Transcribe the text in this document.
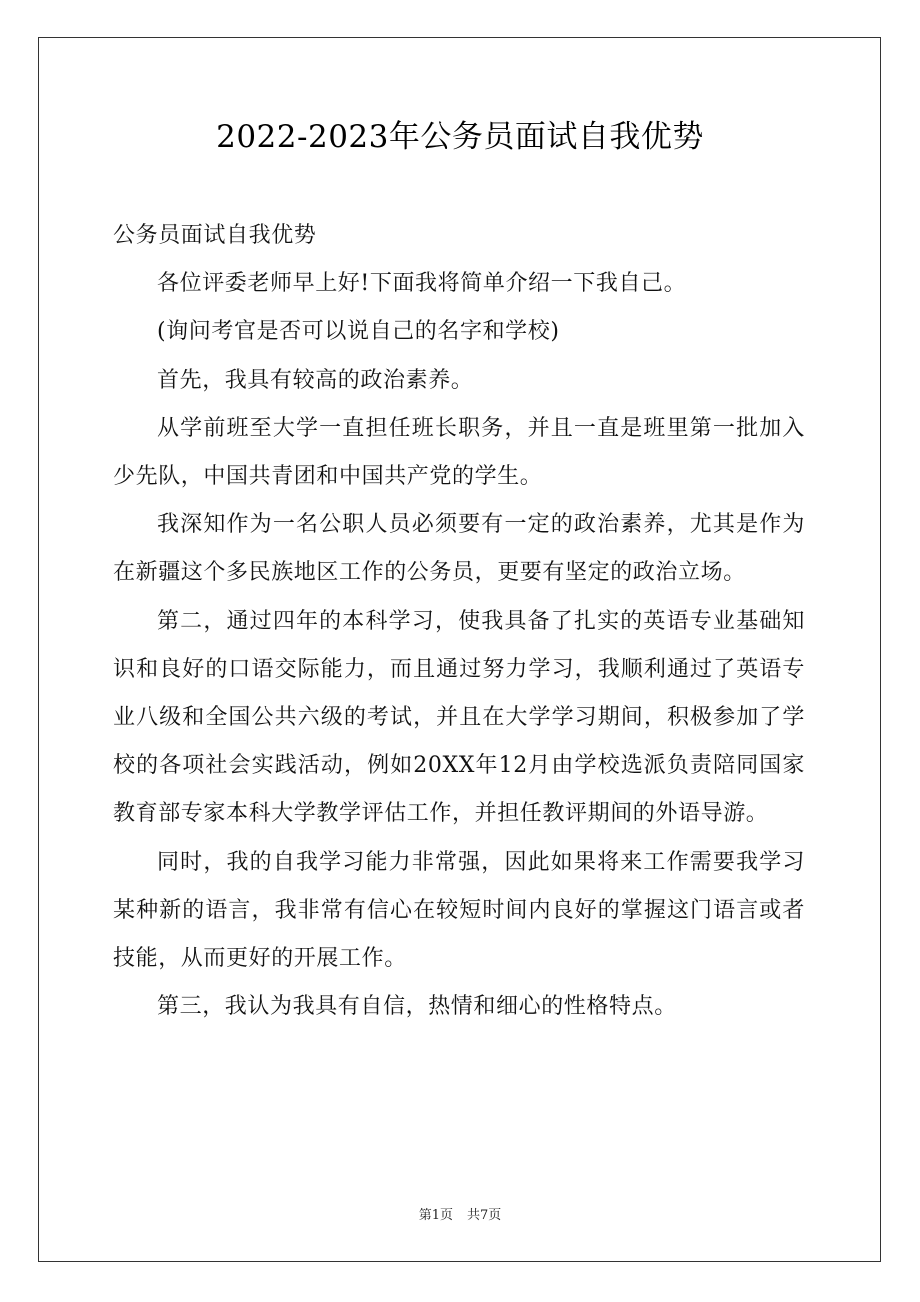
2022-2023年公务员面试自我优势

公务员面试自我优势

各位评委老师早上好!下面我将简单介绍一下我自己。

(询问考官是否可以说自己的名字和学校)

首先，我具有较高的政治素养。

从学前班至大学一直担任班长职务，并且一直是班里第一批加入少先队，中国共青团和中国共产党的学生。

我深知作为一名公职人员必须要有一定的政治素养，尤其是作为在新疆这个多民族地区工作的公务员，更要有坚定的政治立场。

第二，通过四年的本科学习，使我具备了扎实的英语专业基础知识和良好的口语交际能力，而且通过努力学习，我顺利通过了英语专业八级和全国公共六级的考试，并且在大学学习期间，积极参加了学校的各项社会实践活动，例如20XX年12月由学校选派负责陪同国家教育部专家本科大学教学评估工作，并担任教评期间的外语导游。

同时，我的自我学习能力非常强，因此如果将来工作需要我学习某种新的语言，我非常有信心在较短时间内良好的掌握这门语言或者技能，从而更好的开展工作。

第三，我认为我具有自信，热情和细心的性格特点。

第1页 共7页
